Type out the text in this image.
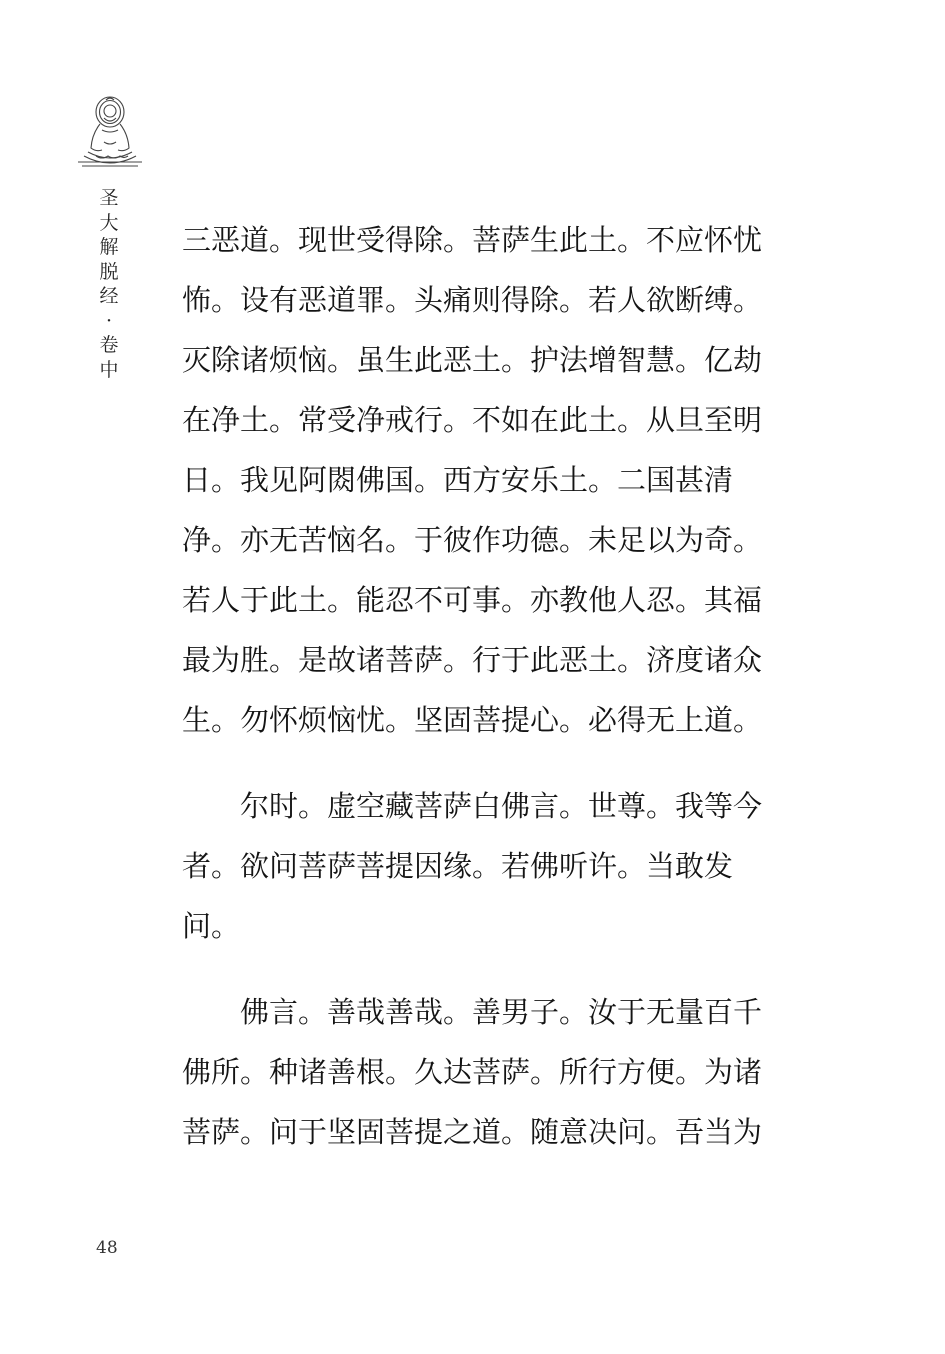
圣
大
解
脱
经
·
卷
中

三恶道。现世受得除。菩萨生此土。不应怀忧
怖。设有恶道罪。头痛则得除。若人欲断缚。
灭除诸烦恼。虽生此恶土。护法增智慧。亿劫
在净土。常受净戒行。不如在此土。从旦至明
日。我见阿閦佛国。西方安乐土。二国甚清
净。亦无苦恼名。于彼作功德。未足以为奇。
若人于此土。能忍不可事。亦教他人忍。其福
最为胜。是故诸菩萨。行于此恶土。济度诸众
生。勿怀烦恼忧。坚固菩提心。必得无上道。

尔时。虚空藏菩萨白佛言。世尊。我等今
者。欲问菩萨菩提因缘。若佛听许。当敢发
问。

佛言。善哉善哉。善男子。汝于无量百千
佛所。种诸善根。久达菩萨。所行方便。为诸
菩萨。问于坚固菩提之道。随意决问。吾当为

48
